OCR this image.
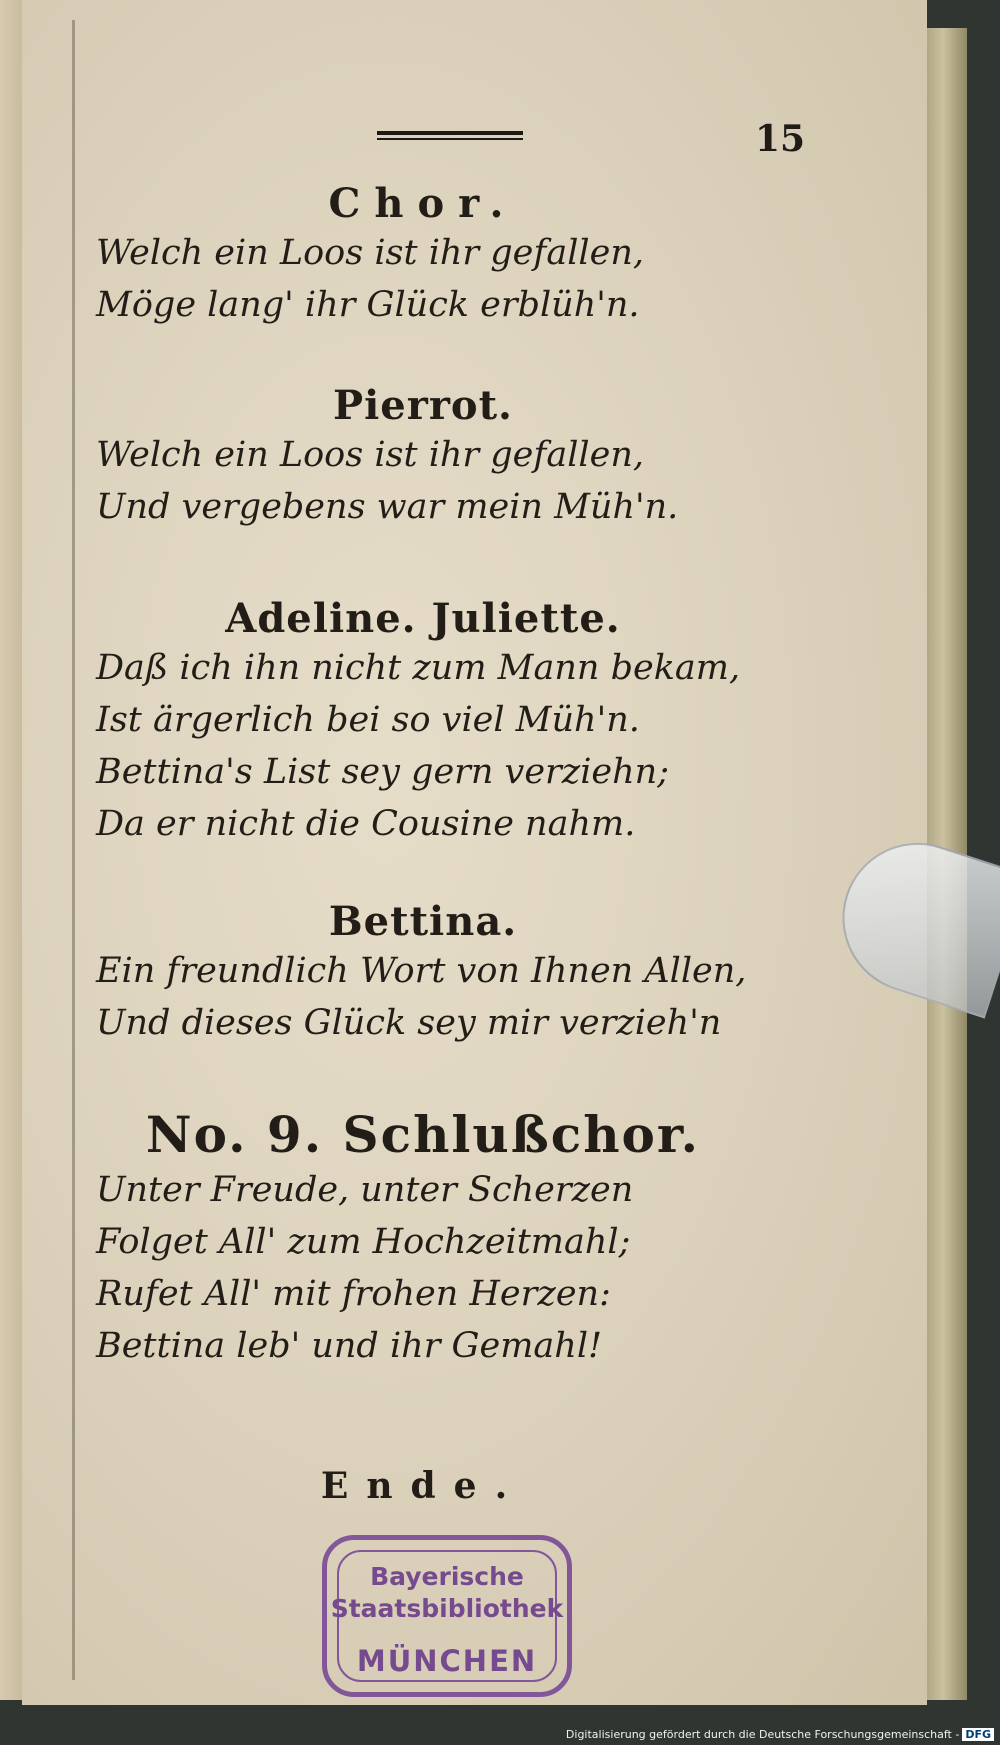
15
Chor.
Welch ein Loos ist ihr gefallen,
Möge lang' ihr Glück erblüh'n.
Pierrot.
Welch ein Loos ist ihr gefallen,
Und vergebens war mein Müh'n.
Adeline. Juliette.
Daß ich ihn nicht zum Mann bekam,
Ist ärgerlich bei so viel Müh'n.
Bettina's List sey gern verziehn;
Da er nicht die Cousine nahm.
Bettina.
Ein freundlich Wort von Ihnen Allen,
Und dieses Glück sey mir verzieh'n
No. 9. Schlußchor.
Unter Freude, unter Scherzen
Folget All' zum Hochzeitmahl;
Rufet All' mit frohen Herzen:
Bettina leb' und ihr Gemahl!
Ende.
Bayerische
Staatsbibliothek
MÜNCHEN
Digitalisierung gefördert durch die Deutsche Forschungsgemeinschaft - DFG
